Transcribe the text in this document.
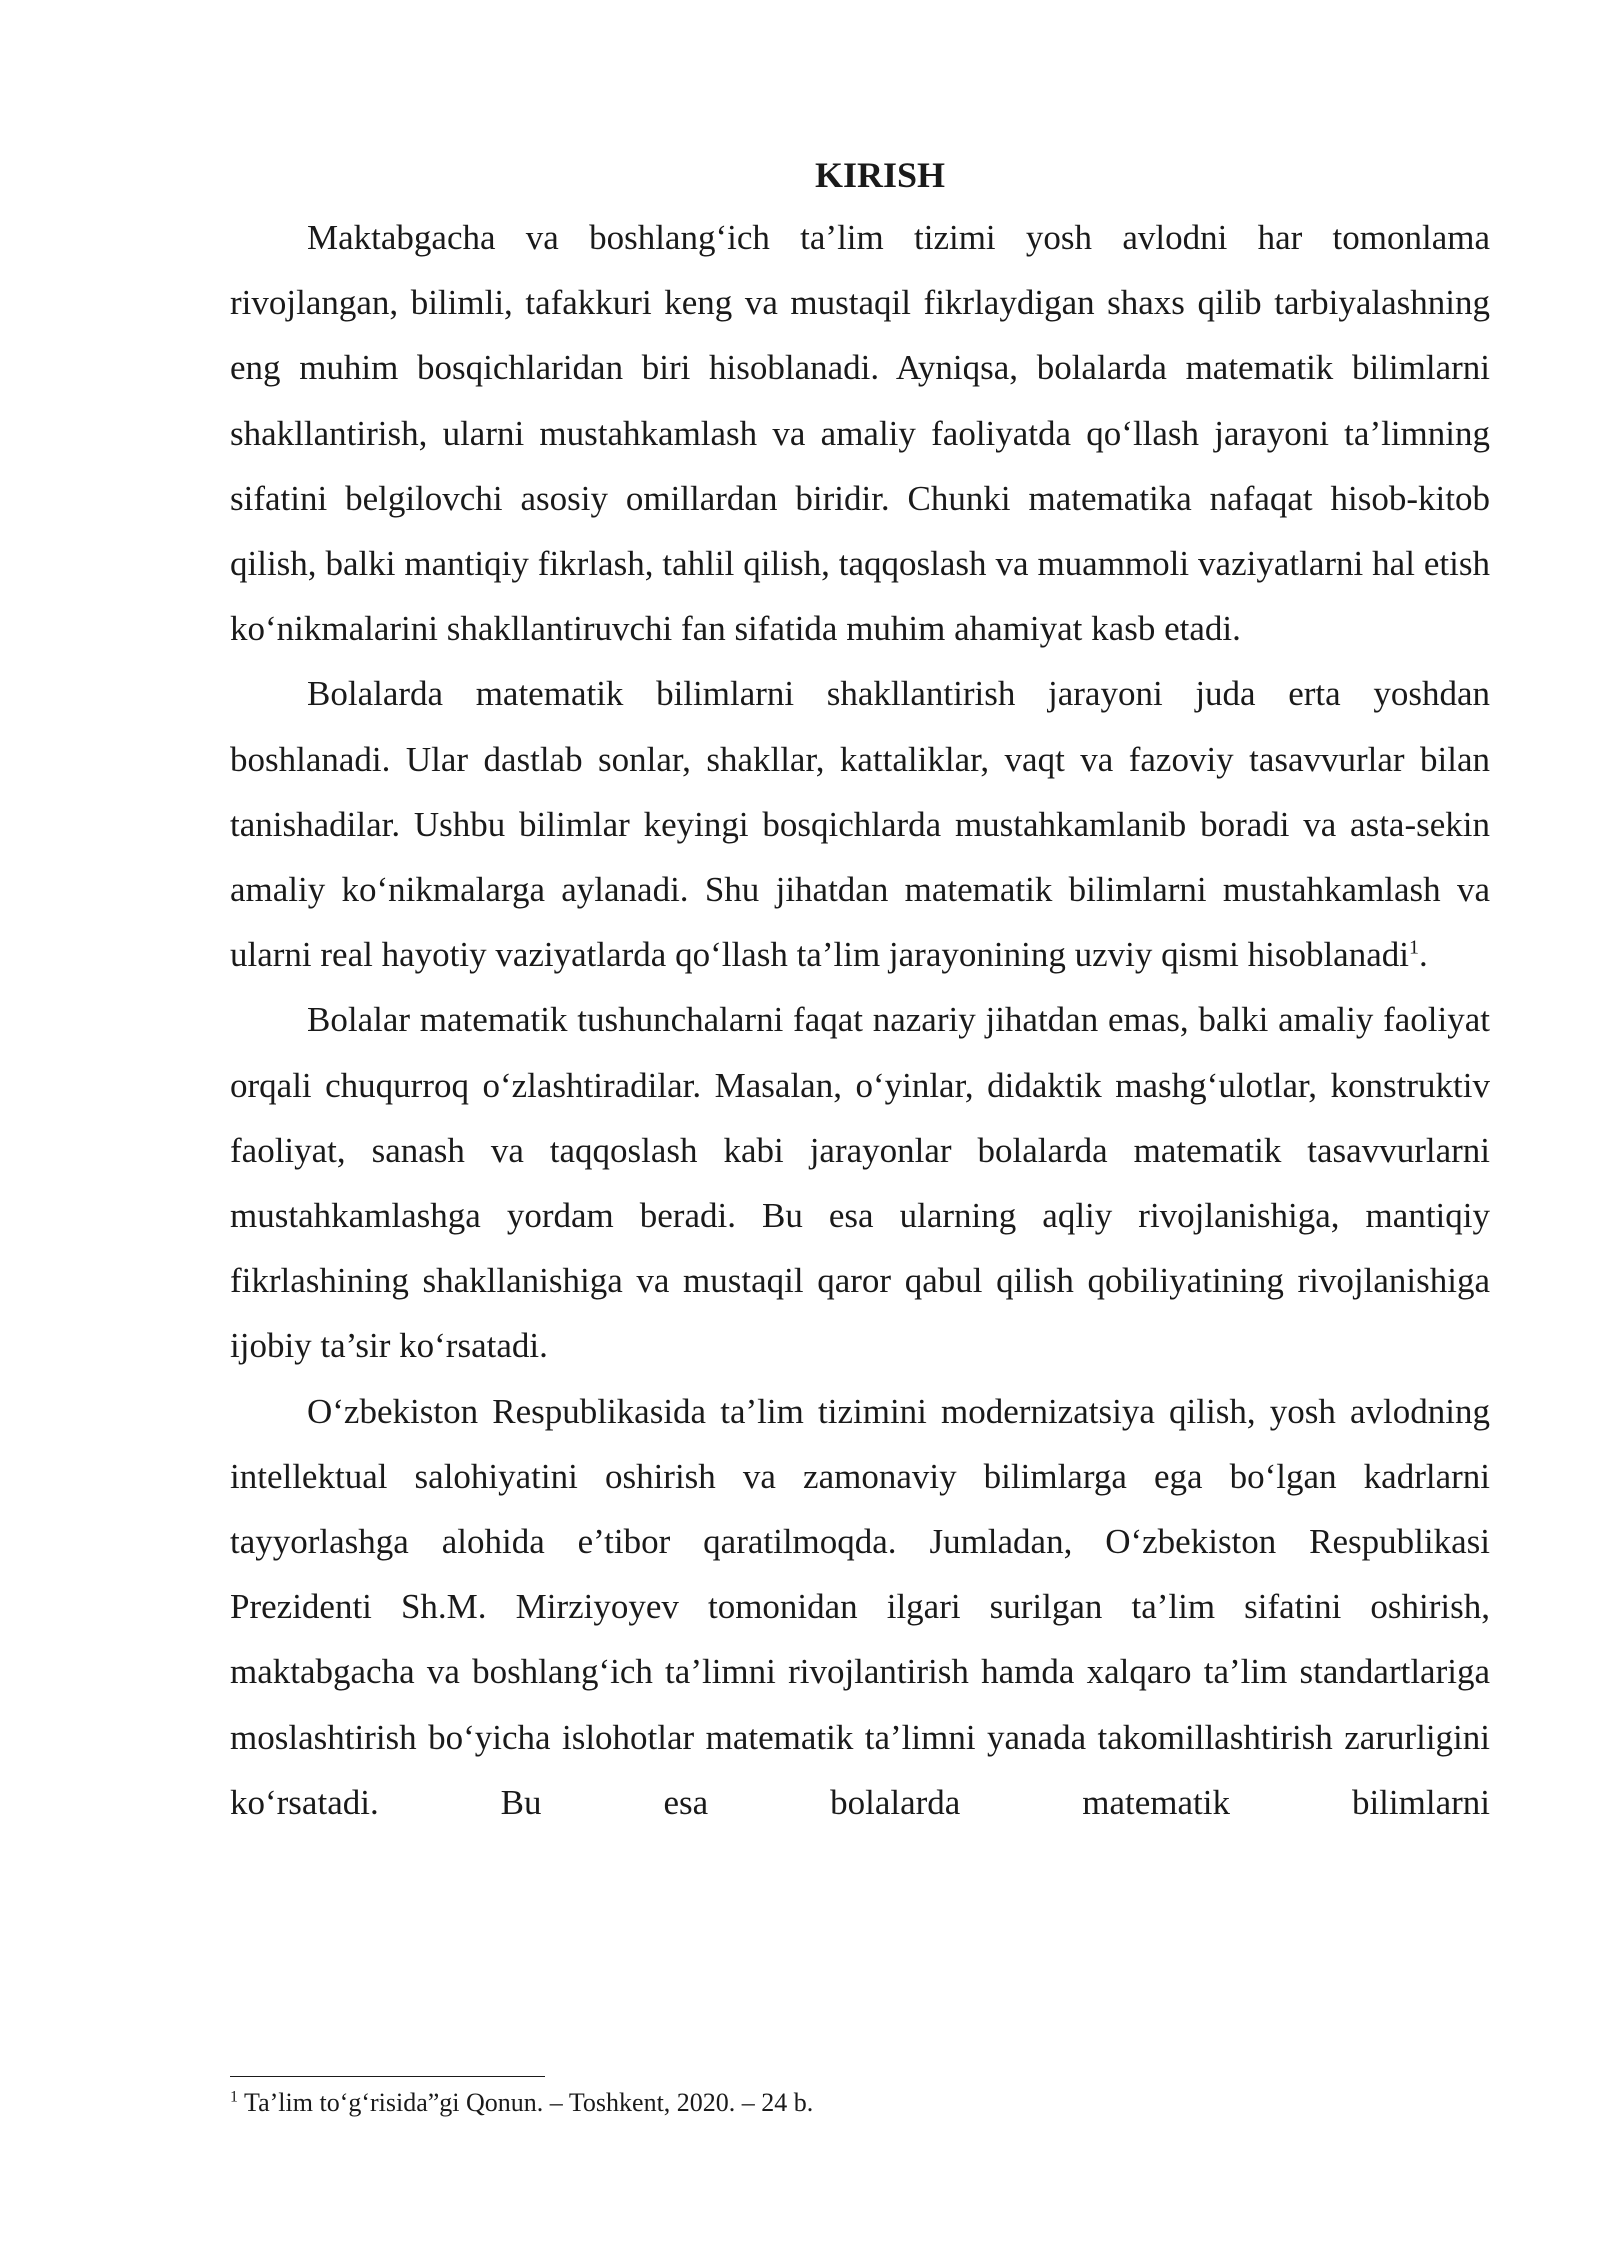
KIRISH

Maktabgacha va boshlang‘ich ta’lim tizimi yosh avlodni har tomonlama rivojlangan, bilimli, tafakkuri keng va mustaqil fikrlaydigan shaxs qilib tarbiyalashning eng muhim bosqichlaridan biri hisoblanadi. Ayniqsa, bolalarda matematik bilimlarni shakllantirish, ularni mustahkamlash va amaliy faoliyatda qo‘llash jarayoni ta’limning sifatini belgilovchi asosiy omillardan biridir. Chunki matematika nafaqat hisob-kitob qilish, balki mantiqiy fikrlash, tahlil qilish, taqqoslash va muammoli vaziyatlarni hal etish ko‘nikmalarini shakllantiruvchi fan sifatida muhim ahamiyat kasb etadi.

Bolalarda matematik bilimlarni shakllantirish jarayoni juda erta yoshdan boshlanadi. Ular dastlab sonlar, shakllar, kattaliklar, vaqt va fazoviy tasavvurlar bilan tanishadilar. Ushbu bilimlar keyingi bosqichlarda mustahkamlanib boradi va asta-sekin amaliy ko‘nikmalarga aylanadi. Shu jihatdan matematik bilimlarni mustahkamlash va ularni real hayotiy vaziyatlarda qo‘llash ta’lim jarayonining uzviy qismi hisoblanadi$^1$.

Bolalar matematik tushunchalarni faqat nazariy jihatdan emas, balki amaliy faoliyat orqali chuqurroq o‘zlashtiradilar. Masalan, o‘yinlar, didaktik mashg‘ulotlar, konstruktiv faoliyat, sanash va taqqoslash kabi jarayonlar bolalarda matematik tasavvurlarni mustahkamlashga yordam beradi. Bu esa ularning aqliy rivojlanishiga, mantiqiy fikrlashining shakllanishiga va mustaqil qaror qabul qilish qobiliyatining rivojlanishiga ijobiy ta’sir ko‘rsatadi.

O‘zbekiston Respublikasida ta’lim tizimini modernizatsiya qilish, yosh avlodning intellektual salohiyatini oshirish va zamonaviy bilimlarga ega bo‘lgan kadrlarni tayyorlashga alohida e’tibor qaratilmoqda. Jumladan, O‘zbekiston Respublikasi Prezidenti Sh.M. Mirziyoyev tomonidan ilgari surilgan ta’lim sifatini oshirish, maktabgacha va boshlang‘ich ta’limni rivojlantirish hamda xalqaro ta’lim standartlariga moslashtirish bo‘yicha islohotlar matematik ta’limni yanada takomillashtirish zarurligini ko‘rsatadi. Bu esa bolalarda matematik bilimlarni

$^1$ Ta’lim to‘g‘risida”gi Qonun. – Toshkent, 2020. – 24 b.
